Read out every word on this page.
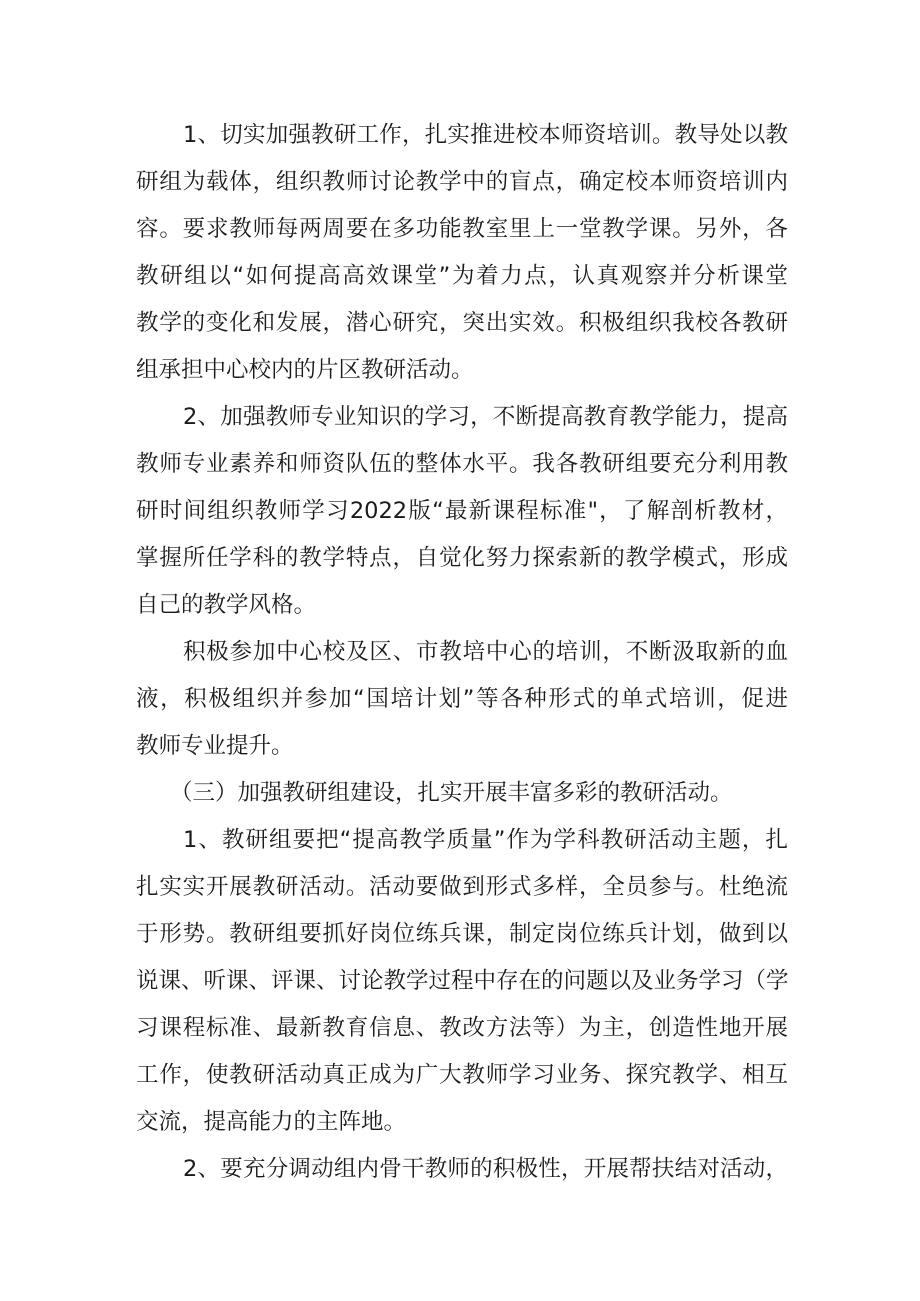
1、切实加强教研工作，扎实推进校本师资培训。教导处以教
研组为载体，组织教师讨论教学中的盲点，确定校本师资培训内
容。要求教师每两周要在多功能教室里上一堂教学课。另外，各
教研组以“如何提高高效课堂”为着力点，认真观察并分析课堂
教学的变化和发展，潜心研究，突出实效。积极组织我校各教研
组承担中心校内的片区教研活动。
2、加强教师专业知识的学习，不断提高教育教学能力，提高
教师专业素养和师资队伍的整体水平。我各教研组要充分利用教
研时间组织教师学习2022版“最新课程标准"，了解剖析教材，
掌握所任学科的教学特点，自觉化努力探索新的教学模式，形成
自己的教学风格。
积极参加中心校及区、市教培中心的培训，不断汲取新的血
液，积极组织并参加“国培计划”等各种形式的单式培训，促进
教师专业提升。
（三）加强教研组建设，扎实开展丰富多彩的教研活动。
1、教研组要把“提高教学质量”作为学科教研活动主题，扎
扎实实开展教研活动。活动要做到形式多样，全员参与。杜绝流
于形势。教研组要抓好岗位练兵课，制定岗位练兵计划，做到以
说课、听课、评课、讨论教学过程中存在的问题以及业务学习（学
习课程标准、最新教育信息、教改方法等）为主，创造性地开展
工作，使教研活动真正成为广大教师学习业务、探究教学、相互
交流，提高能力的主阵地。
2、要充分调动组内骨干教师的积极性，开展帮扶结对活动，
